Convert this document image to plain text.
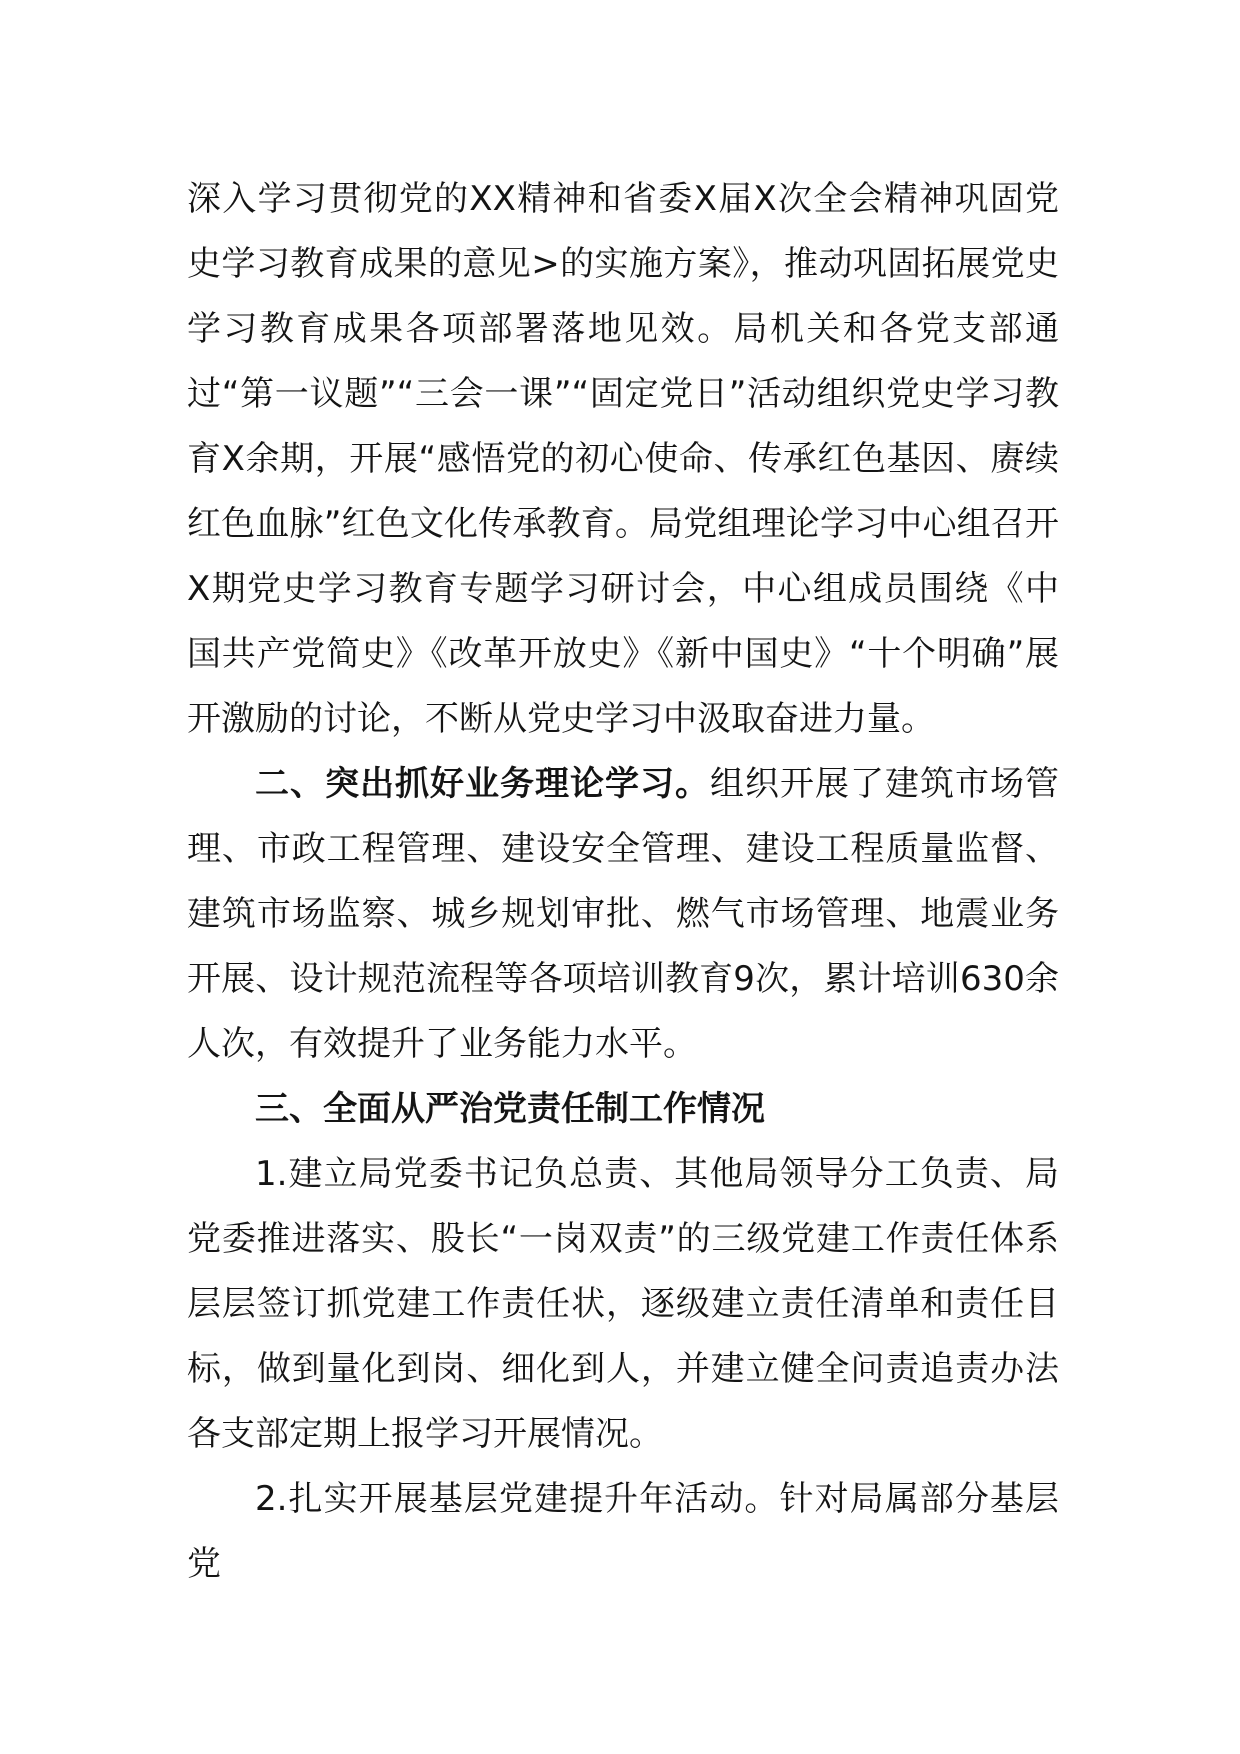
深入学习贯彻党的XX精神和省委X届X次全会精神巩固党史学习教育成果的意见>的实施方案》，推动巩固拓展党史学习教育成果各项部署落地见效。局机关和各党支部通过“第一议题”“三会一课”“固定党日”活动组织党史学习教育X余期，开展“感悟党的初心使命、传承红色基因、赓续红色血脉”红色文化传承教育。局党组理论学习中心组召开X期党史学习教育专题学习研讨会，中心组成员围绕《中国共产党简史》《改革开放史》《新中国史》“十个明确”展开激励的讨论，不断从党史学习中汲取奋进力量。

二、突出抓好业务理论学习。组织开展了建筑市场管理、市政工程管理、建设安全管理、建设工程质量监督、建筑市场监察、城乡规划审批、燃气市场管理、地震业务开展、设计规范流程等各项培训教育9次，累计培训630余人次，有效提升了业务能力水平。

三、全面从严治党责任制工作情况

1.建立局党委书记负总责、其他局领导分工负责、局党委推进落实、股长“一岗双责”的三级党建工作责任体系层层签订抓党建工作责任状，逐级建立责任清单和责任目标，做到量化到岗、细化到人，并建立健全问责追责办法各支部定期上报学习开展情况。

2.扎实开展基层党建提升年活动。针对局属部分基层党
